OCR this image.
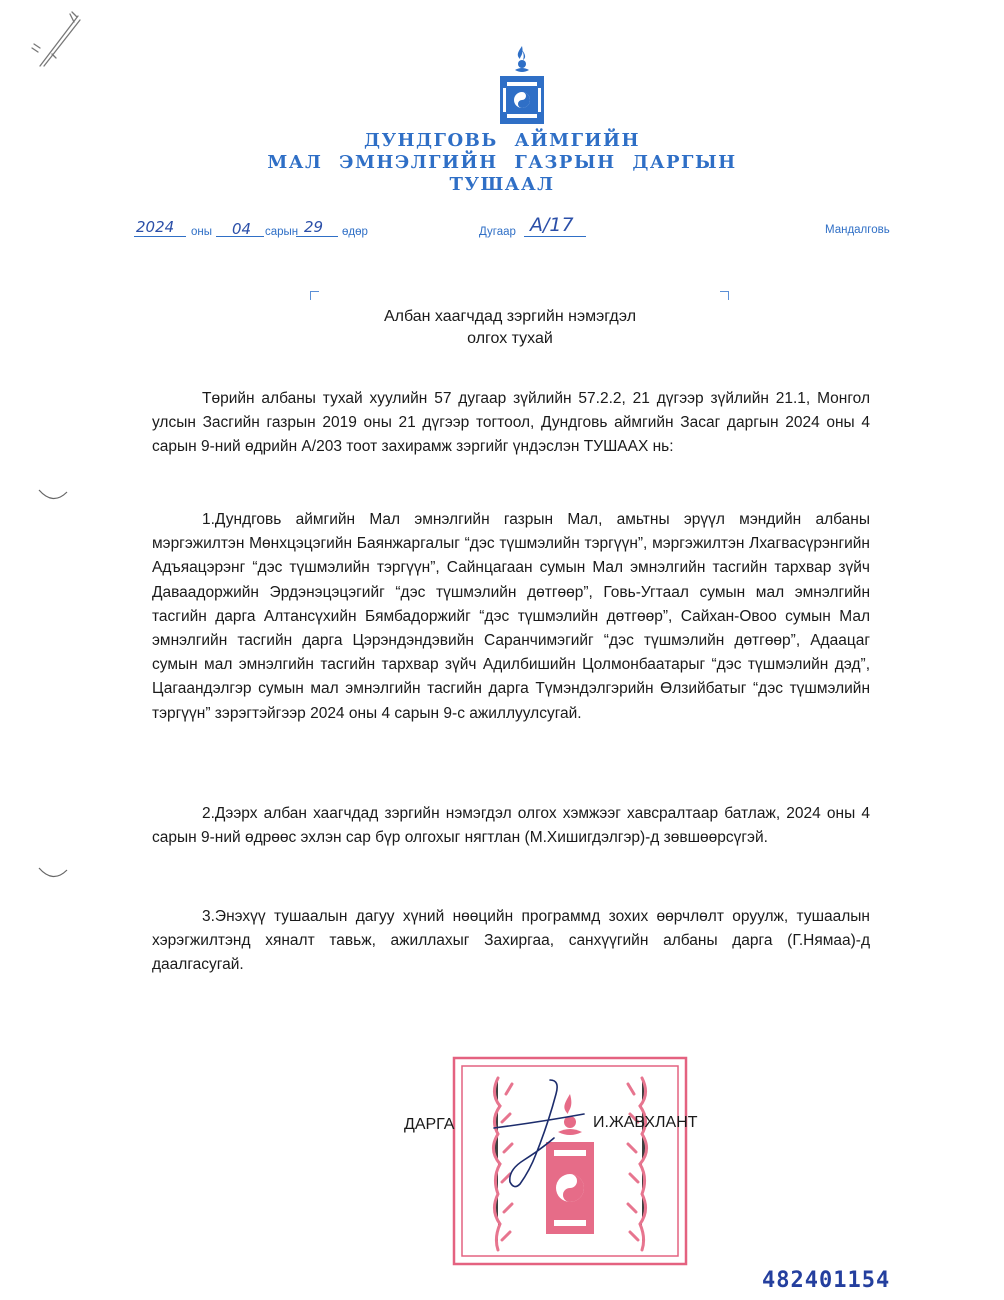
ДУНДГОВЬ АЙМГИЙН
МАЛ ЭМНЭЛГИЙН ГАЗРЫН ДАРГЫН
ТУШААЛ
2024 оны 04 сарын 29 өдөр	Дугаар А/17	Мандалговь
Албан хаагчдад зэргийн нэмэгдэл
олгох тухай

Төрийн албаны тухай хуулийн 57 дугаар зүйлийн 57.2.2, 21 дүгээр зүйлийн 21.1, Монгол улсын Засгийн газрын 2019 оны 21 дүгээр тогтоол, Дундговь аймгийн Засаг даргын 2024 оны 4 сарын 9-ний өдрийн А/203 тоот захирамж зэргийг үндэслэн ТУШААХ нь:

1.Дундговь аймгийн Мал эмнэлгийн газрын Мал, амьтны эрүүл мэндийн албаны мэргэжилтэн Мөнхцэцэгийн Баянжаргалыг “дэс түшмэлийн тэргүүн”, мэргэжилтэн Лхагвасүрэнгийн Адъяацэрэнг “дэс түшмэлийн тэргүүн”, Сайнцагаан сумын Мал эмнэлгийн тасгийн тархвар зүйч Даваадоржийн Эрдэнэцэцэгийг “дэс түшмэлийн дөтгөөр”, Говь-Угтаал сумын мал эмнэлгийн тасгийн дарга Алтансүхийн Бямбадоржийг “дэс түшмэлийн дөтгөөр”, Сайхан-Овоо сумын Мал эмнэлгийн тасгийн дарга Цэрэндэндэвийн Саранчимэгийг “дэс түшмэлийн дөтгөөр”, Адаацаг сумын мал эмнэлгийн тасгийн тархвар зүйч Адилбишийн Цолмонбаатарыг “дэс түшмэлийн дэд”, Цагаандэлгэр сумын мал эмнэлгийн тасгийн дарга Түмэндэлгэрийн Өлзийбатыг “дэс түшмэлийн тэргүүн” зэрэгтэйгээр 2024 оны 4 сарын 9-с ажиллуулсугай.

2.Дээрх албан хаагчдад зэргийн нэмэгдэл олгох хэмжээг хавсралтаар батлаж, 2024 оны 4 сарын 9-ний өдрөөс эхлэн сар бүр олгохыг нягтлан (М.Хишигдэлгэр)-д зөвшөөрсүгэй.

3.Энэхүү тушаалын дагуу хүний нөөцийн программд зохих өөрчлөлт оруулж, тушаалын хэрэгжилтэнд хяналт тавьж, ажиллахыг Захиргаа, санхүүгийн албаны дарга (Г.Нямаа)-д даалгасугай.

ДАРГА	И.ЖАВХЛАНТ
482401154
